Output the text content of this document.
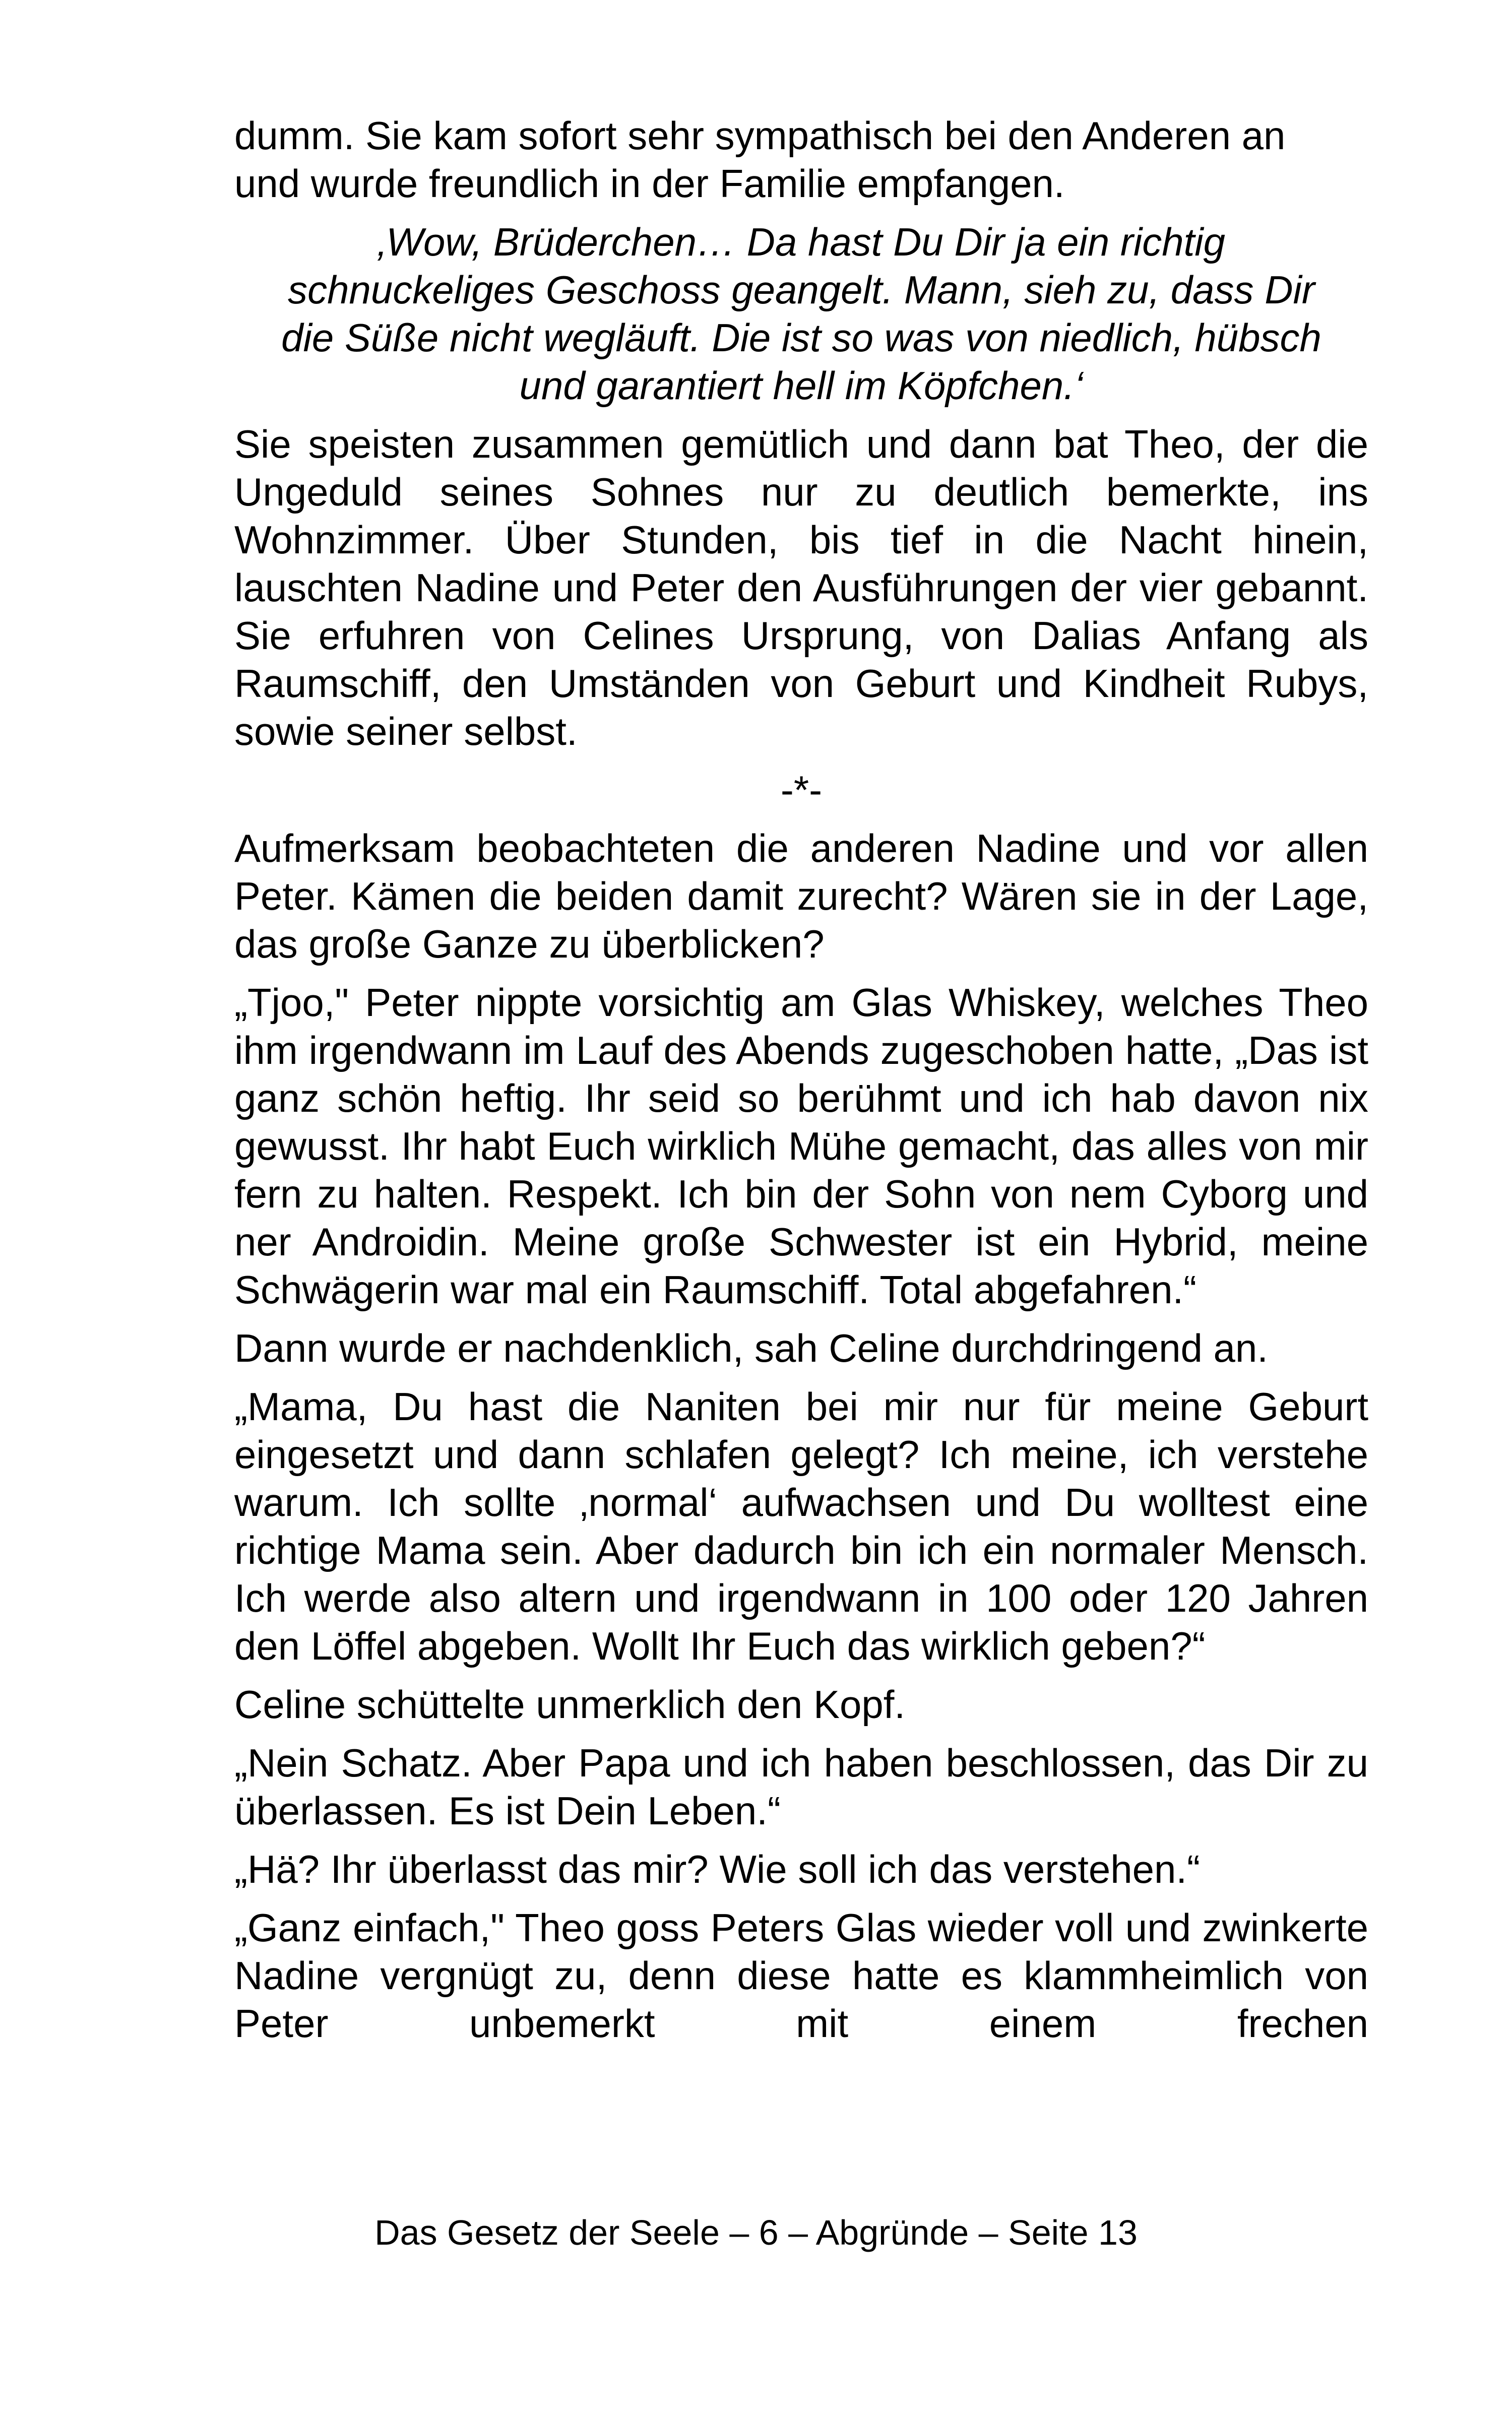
dumm. Sie kam sofort sehr sympathisch bei den Anderen an
und wurde freundlich in der Familie empfangen.

‚Wow, Brüderchen… Da hast Du Dir ja ein richtig
schnuckeliges Geschoss geangelt. Mann, sieh zu, dass Dir
die Süße nicht wegläuft. Die ist so was von niedlich, hübsch
und garantiert hell im Köpfchen.‘

Sie speisten zusammen gemütlich und dann bat Theo, der die Ungeduld seines Sohnes nur zu deutlich bemerkte, ins Wohnzimmer. Über Stunden, bis tief in die Nacht hinein, lauschten Nadine und Peter den Ausführungen der vier gebannt. Sie erfuhren von Celines Ursprung, von Dalias Anfang als Raumschiff, den Umständen von Geburt und Kindheit Rubys, sowie seiner selbst.

-*-

Aufmerksam beobachteten die anderen Nadine und vor allen Peter. Kämen die beiden damit zurecht? Wären sie in der Lage, das große Ganze zu überblicken?

„Tjoo," Peter nippte vorsichtig am Glas Whiskey, welches Theo ihm irgendwann im Lauf des Abends zugeschoben hatte, „Das ist ganz schön heftig. Ihr seid so berühmt und ich hab davon nix gewusst. Ihr habt Euch wirklich Mühe gemacht, das alles von mir fern zu halten. Respekt. Ich bin der Sohn von nem Cyborg und ner Androidin. Meine große Schwester ist ein Hybrid, meine Schwägerin war mal ein Raumschiff. Total abgefahren.“

Dann wurde er nachdenklich, sah Celine durchdringend an.

„Mama, Du hast die Naniten bei mir nur für meine Geburt eingesetzt und dann schlafen gelegt? Ich meine, ich verstehe warum. Ich sollte ‚normal‘ aufwachsen und Du wolltest eine richtige Mama sein. Aber dadurch bin ich ein normaler Mensch. Ich werde also altern und irgendwann in 100 oder 120 Jahren den Löffel abgeben. Wollt Ihr Euch das wirklich geben?“

Celine schüttelte unmerklich den Kopf.

„Nein Schatz. Aber Papa und ich haben beschlossen, das Dir zu überlassen. Es ist Dein Leben.“

„Hä? Ihr überlasst das mir? Wie soll ich das verstehen.“

„Ganz einfach," Theo goss Peters Glas wieder voll und zwinkerte Nadine vergnügt zu, denn diese hatte es klammheimlich von Peter unbemerkt mit einem frechen

Das Gesetz der Seele – 6 – Abgründe – Seite 13
